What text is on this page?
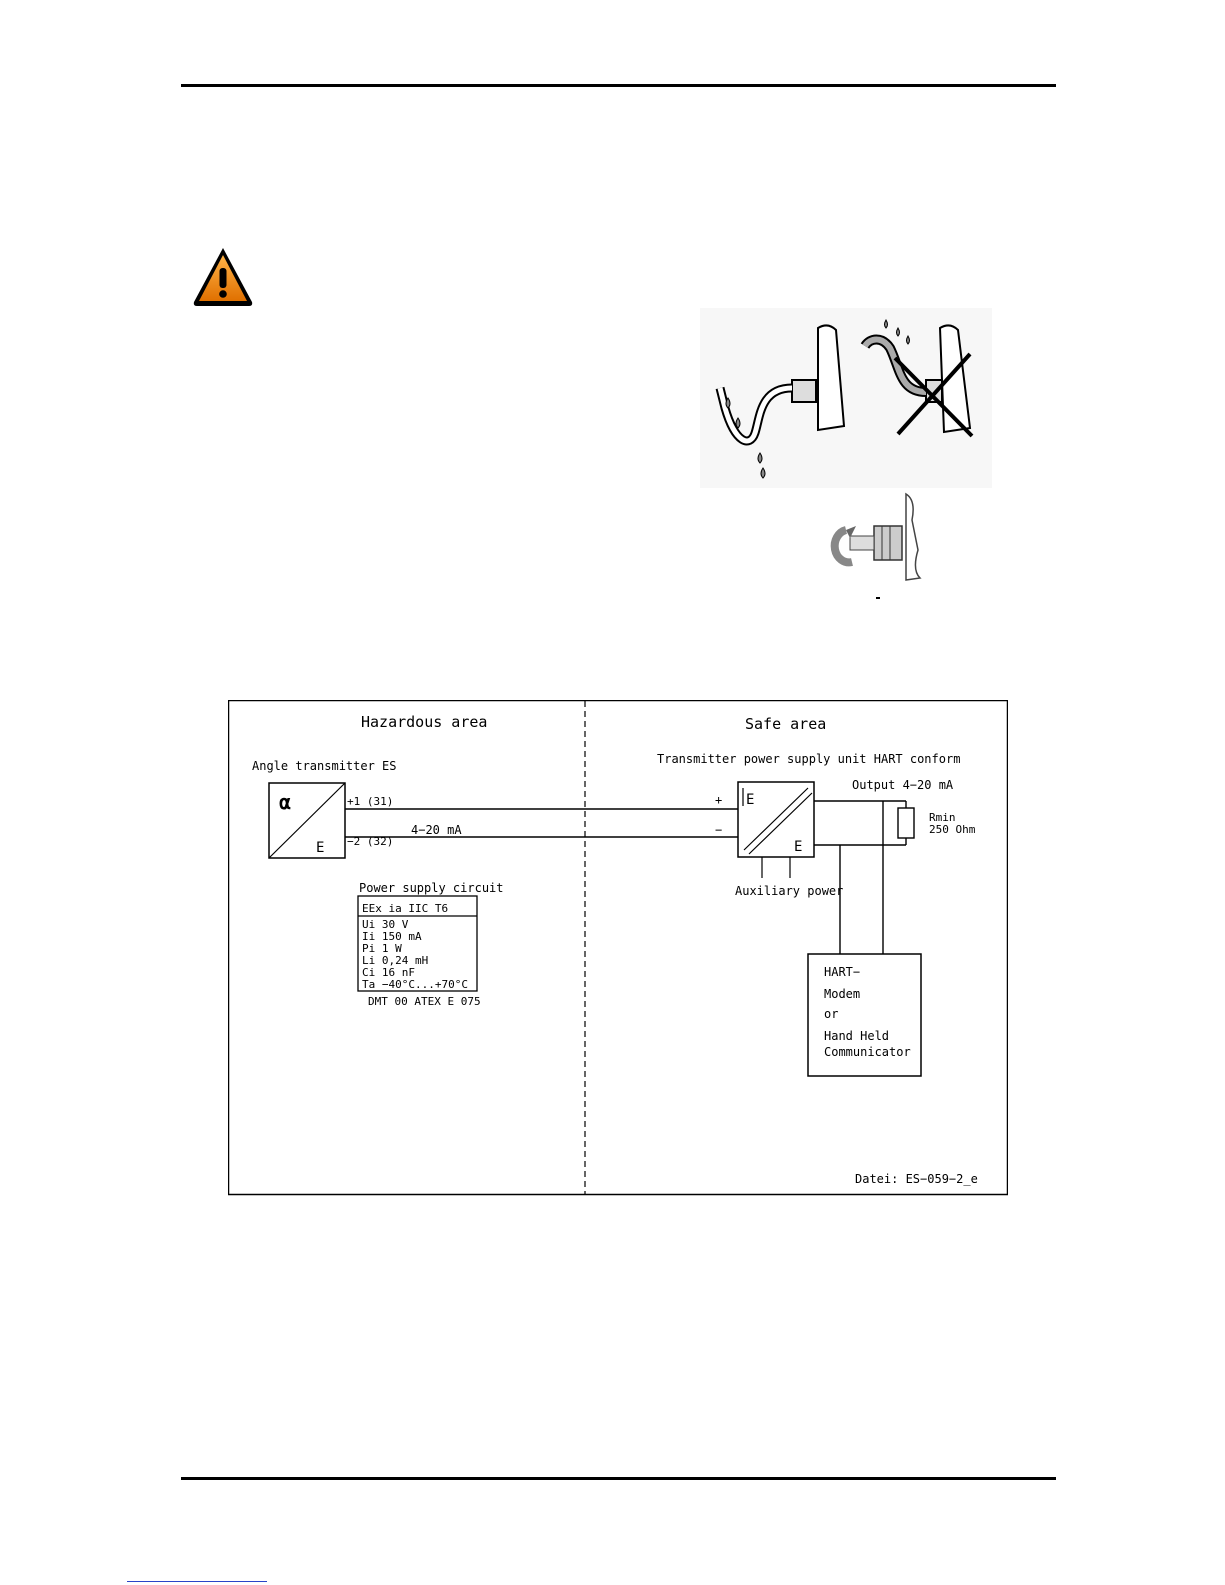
Hazardous area
Angle transmitter ES
α
E
+1 (31)
−2 (32)
4−20 mA
Power supply circuit
EEx ia IIC T6
Ui 30 V
Ii 150 mA
Pi 1 W
Li 0,24 mH
Ci 16 nF
Ta −40°C...+70°C
DMT 00 ATEX E 075
Safe area
Transmitter power supply unit HART conform
+
−
E
E
Auxiliary power
Output 4−20 mA
Rmin
250 Ohm
HART−
Modem
or
Hand Held
Communicator
Datei: ES−059−2_e
